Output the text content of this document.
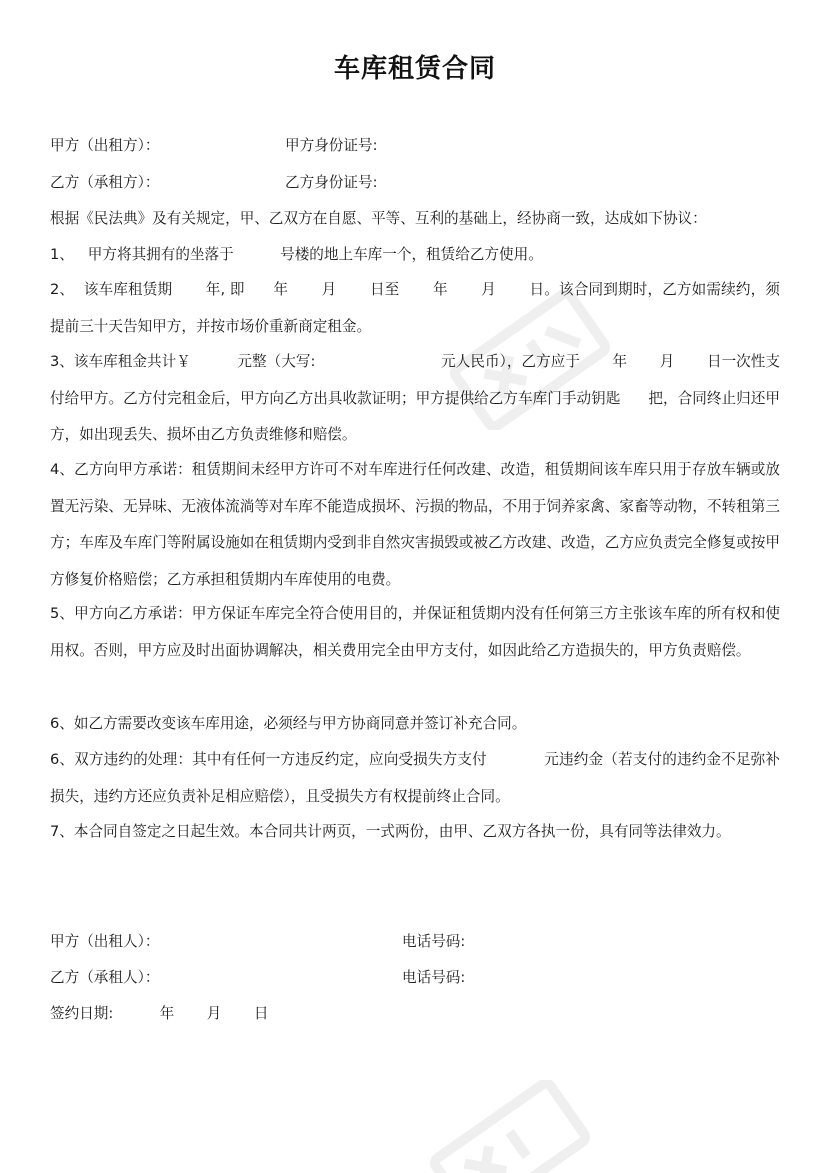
车库租赁合同
甲方（出租方）：	甲方身份证号:
乙方（承租方）：	乙方身份证号:
根据《民法典》及有关规定，甲、乙双方在自愿、平等、互利的基础上，经协商一致，达成如下协议：
1、   甲方将其拥有的坐落于          号楼的地上车库一个，租赁给乙方使用。
2、  该车库租赁期       年, 即      年       月       日至       年       月       日。该合同到期时，乙方如需续约，须提前三十天告知甲方，并按市场价重新商定租金。
3、该车库租金共计￥          元整（大写:                           元人民币），乙方应于       年       月       日一次性支付给甲方。乙方付完租金后，甲方向乙方出具收款证明；甲方提供给乙方车库门手动钥匙      把，合同终止归还甲方，如出现丢失、损坏由乙方负责维修和赔偿。
4、乙方向甲方承诺：租赁期间未经甲方许可不对车库进行任何改建、改造，租赁期间该车库只用于存放车辆或放置无污染、无异味、无液体流淌等对车库不能造成损坏、污损的物品，不用于饲养家禽、家畜等动物，不转租第三方；车库及车库门等附属设施如在租赁期内受到非自然灾害损毁或被乙方改建、改造，乙方应负责完全修复或按甲方修复价格赔偿；乙方承担租赁期内车库使用的电费。
5、甲方向乙方承诺：甲方保证车库完全符合使用目的，并保证租赁期内没有任何第三方主张该车库的所有权和使用权。否则，甲方应及时出面协调解决，相关费用完全由甲方支付，如因此给乙方造损失的，甲方负责赔偿。
6、如乙方需要改变该车库用途，必须经与甲方协商同意并签订补充合同。
6、双方违约的处理：其中有任何一方违反约定，应向受损失方支付            元违约金（若支付的违约金不足弥补损失，违约方还应负责补足相应赔偿），且受损失方有权提前终止合同。
7、本合同自签定之日起生效。本合同共计两页，一式两份，由甲、乙双方各执一份，具有同等法律效力。
甲方（出租人）：	电话号码:
乙方（承租人）：	电话号码:
签约日期:          年       月       日
